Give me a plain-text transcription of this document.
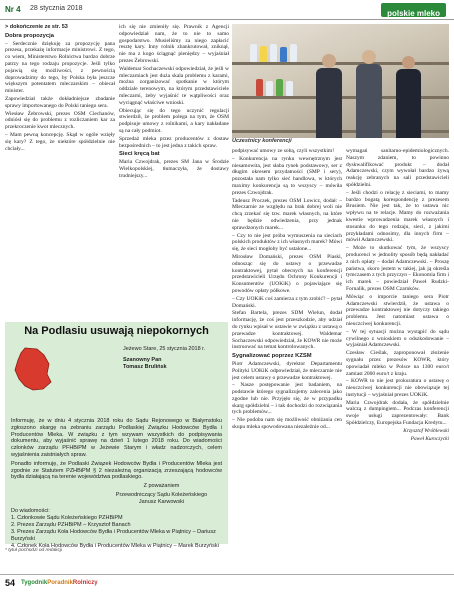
Nr 4 28 stycznia 2018
polskie mleko

> dokończenie ze str. 53

Dobra propozycja

– Serdecznie dziękuję za propozycję pana prezesa, przekażę informacje ministrowi. Z tego, co wiem, Ministerstwo Rolnictwa bardzo dobrze patrzy na tego rodzaju propozycje. Jeśli tylko pojawią się możliwości, z pewnością doprowadzimy do tego, by Polska była jeszcze większym potentatem mleczarskim – obiecał minister.

Zapowiedział także dokładniejsze zbadanie sprawy importowanego do Polski taniego sera.

Wiesław Żebrowski, prezes OSM Ciechanów, odniósł się do problemu z rozliczaniem kar za przekroczenie kwot mlecznych.

– Mam pewną koncepcję. Skąd w ogóle wzięły się kary? Z tego, że niektóre spółdzielnie nie chciały...

ich się nie zmieniły się. Prawnik z Agencji odpowiedział nam, że to nie to samo gospodarstwo. Musieliśmy za niego zapłacić resztę kary. Inny rolnik zbankrutował, zniknął, nie ma z kogo ściągnąć pieniędzy – wyjaśniał prezes Żebrowski.

Waldemar Sochaczewski odpowiedział, że jeśli w mleczarniach jest duża skala problemu z karami, można zorganizować spotkanie w którym oddziale terenowym, na którym przedstawiciele mleczarni, żeby wyjaśnić te wątpliwości oraz wyciągnąć właściwe wnioski.

Obiecując się do tego uczynić regulacji stwierdził, że problem polega na tym, że OSM podpisuje umowy z rolnikami, a kary nakładane są na cały podmiot.

Sprzedaż mleka przez producentów z dostaw bezpośrednich – to jest jedna z takich spraw.

Sieci kręcą bat

Maria Czwojdrak, prezes SM Jana w Środzie Wielkopolskiej, tłumaczyła, że dostawy trudniejszy...

Uczestnicy konferencji

podpisywać umowy ze sobą, czyli wszystkim!

– Konkurencja na rynku wewnętrznym jest niesamowita, jest słaba rynek podstawowy, ser z długim okresem przydatności (SMP i sery), pozostała nam tylko sieć handlowa, w których maximy konkurencja są to wszyscy – mówiła prezes Czwojdrak.

Tadeusz Proczek, prezes OSM Lowicz, dodał: – Mleczarnie ze względu na brak dobrej woli nie chcą zrzekać się tzw. marek własnych, na które nie będzie odwiedzenia, przy jednak sprawdzonych marek...

– Czy to nie jest próba wymuszenia na sieciach polskich produktów z ich własnych marek? Mówi się, że sieci mogłoby być ustalone...

Mirosław Domański, prezes OSM Piaski, odnosząc się do ustawy o przewadze kontraktowej, pytał obecnych na konferencji przedstawicieli Urzędu Ochrony Konkurencji i Konsumentów (UOKiK) o pojawiające się powodów opłaty półkowe.

– Czy UOKiK coś zamierza z tym zrobić? – pytał Domański.

Stefan Bartela, prezes SDM Wielun, dodał informację, że coś jest przeszkodzie, aby udział do rynku wpisał w ustawie w związku z ustawą o przewadze kontraktowej. Waldemar Sochaczewski odpowiedział, że KOWR nie może instruować na temat kontrolowanych.

Sygnalizować poprzez KZSM

Piotr Adamczewski, dyrektor Departamentu Polityki UOKiK odpowiedział, że mleczarnie nie jest celem ustawy o przewadze kontraktowej.

– Nasze postępowanie jest badaniem, na podstawie którego sygnalizujemy zalecenia jako zgodne lub nie. Przyjęło się, że w przypadku skarg spółdzielni – i tak dochodzi do rozwiązania tych problemów...

– Nie podoba nam się możliwość obniżania cen skupu mleka spowodowana niezależnie od...

wymagań sanitarno-epidemiologicznych. Naszym zdaniem, to powinno dyskwalifikować produkt – dodał Adamczewski, czym wywołał bardzo żywą reakcję zebranych na sali przedstawicieli spółdzielni.

– Jeśli chodzi o relację z sieciami, to mamy bardzo bogatą korespondencję z prezesem Brusiem. Nie jest tak, że to ustawa nic wpływu na te relacje. Mamy do rozważania kwestie wprowadzenia marek własnych i stosunku do tego rodzaju, sieci, z jakimi przykładami odnosimy, dla innych firm – mówił Adamczewski.

– Może to skutkować tym, że wszyscy producenci w jednolity sposób będą nakładać z nich opłaty – dodał Adamczewski. – Proszę państwa, skoro jestem w takiej, jak ją określa tymczasem z tych przyczyn – Ekonomia firm i ich marek – powiedział Paweł Rudzki-Fornalik, prezes OSM Czarnków.

Mówiąc o imporcie taniego sera Piotr Adamczewski stwierdził, że ustawa o przewadze kontraktowej nie dotyczy takiego problemu. Jest natomiast ustawa o nieuczciwej konkurencji.

– W tej sytuacji można wystąpić do sądu cywilnego z wnioskiem o odszkodowanie – wyjaśniał Adamczewski.

Czesław Cieślak, zaproponował złożenie sygnału przez prezesów KOWR, który opowiadał mleko w Polsce na 1300 euro/t zamiast 2000 euro/t z kraju.

– KOWR to nie jest prokuratura o ustawę o nieuczciwej konkurencji nie obowiązuje tej instytucji – wyjaśniał prezes UOKiK.

Maria Czwojdrak dodała, że spółdzielnie walczą z dumpingiem... Podczas konferencji swoje usługi zaprezentowały: Bank Spółdzielczy, Europejska Fundacja Kredytu...

Krzysztof Wróblewski

Paweł Kuroczycki

Na Podlasiu usuwają niepokornych
Jeżewo Stare, 25 stycznia 2018 r.
Szanowny Pan
Tomasz Brulińsk

Informuję, że w dniu 4 stycznia 2018 roku do Sądu Rejonowego w Białymstoku zgłoszono skargę na zebraniu zarządu Podlaskiej Związku Hodowców Bydła i Producentów Mleka. W związku z tym wzywam wszystkich do podpisywania dokumentu, aby wyjaśnić sprawę na dzień 1 lutego 2018 roku. Do wiadomości członków zarządu PFHBiPM w Jeżewie Starym i władz nadzorczych, celem wyjaśnienia zaistniałych spraw.

Ponadto informuję, że Podlaski Związek Hodowców Bydła i Producentów Mleka jest zgodnie ze Statutem PZHBiPM § 2 niezależną organizacją zrzeszającą hodowców bydła działającą na terenie województwa podlaskiego.

Z poważaniem

Przewodniczący Sądu Koleżeńskiego

Janusz Karwowski

Do wiadomości:

1. Członkowie Sądu Koleżeńskiego PZHBiPM
2. Prezes Zarządu PZHBiPM – Krzysztof Banach
3. Prezes Zarządu Koła Hodowców Bydła i Producentów Mleka w Piątnicy – Dariusz Burzyński
4. Członek Koła Hodowców Bydła i Producentów Mleka w Piątnicy – Marek Burzyński
* tytuł pochodzi od redakcji
54 TygodnikPoradnikRolniczy
